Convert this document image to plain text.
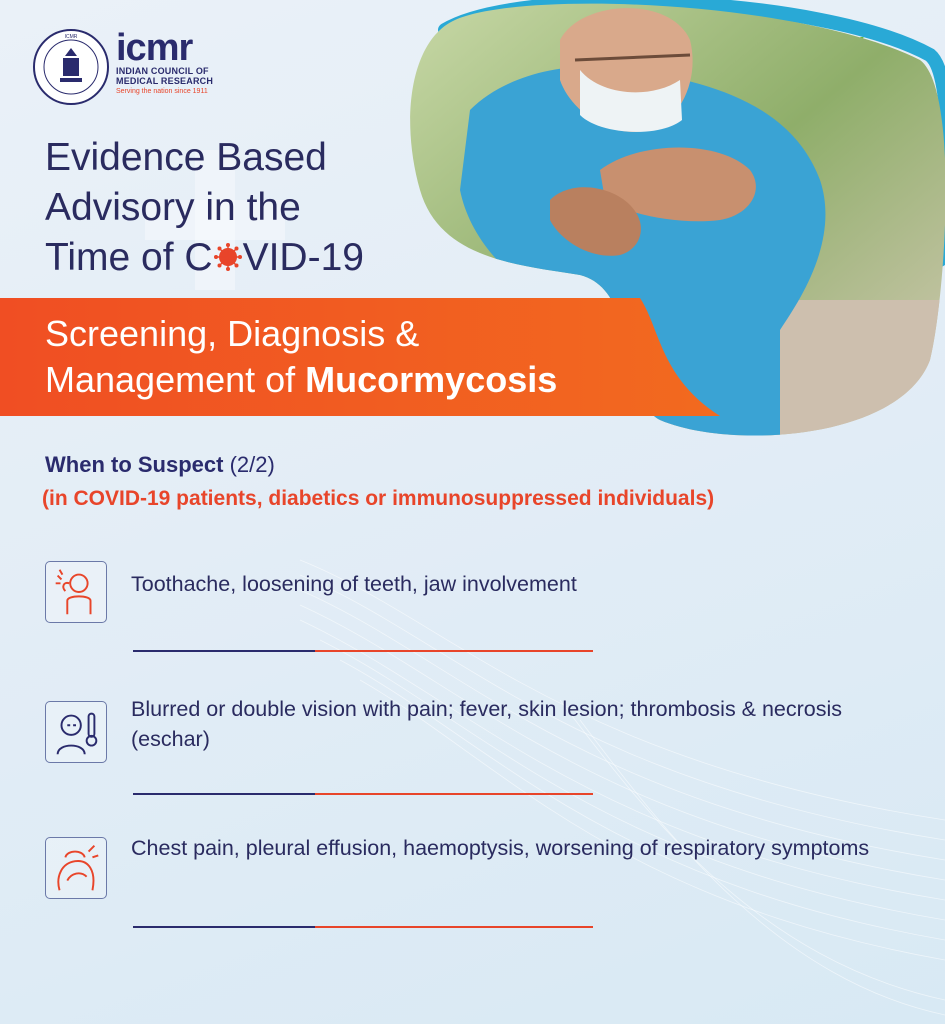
ICMR icmr
INDIAN COUNCIL OF
MEDICAL RESEARCH
Serving the nation since 1911
Evidence Based
Advisory in the
Time of C VID-19
Screening, Diagnosis &
Management of Mucormycosis
When to Suspect (2/2)
(in COVID-19 patients, diabetics or immunosuppressed individuals)
Toothache, loosening of teeth, jaw involvement
Blurred or double vision with pain; fever, skin lesion; thrombosis & necrosis (eschar)
Chest pain, pleural effusion, haemoptysis, worsening of respiratory symptoms
